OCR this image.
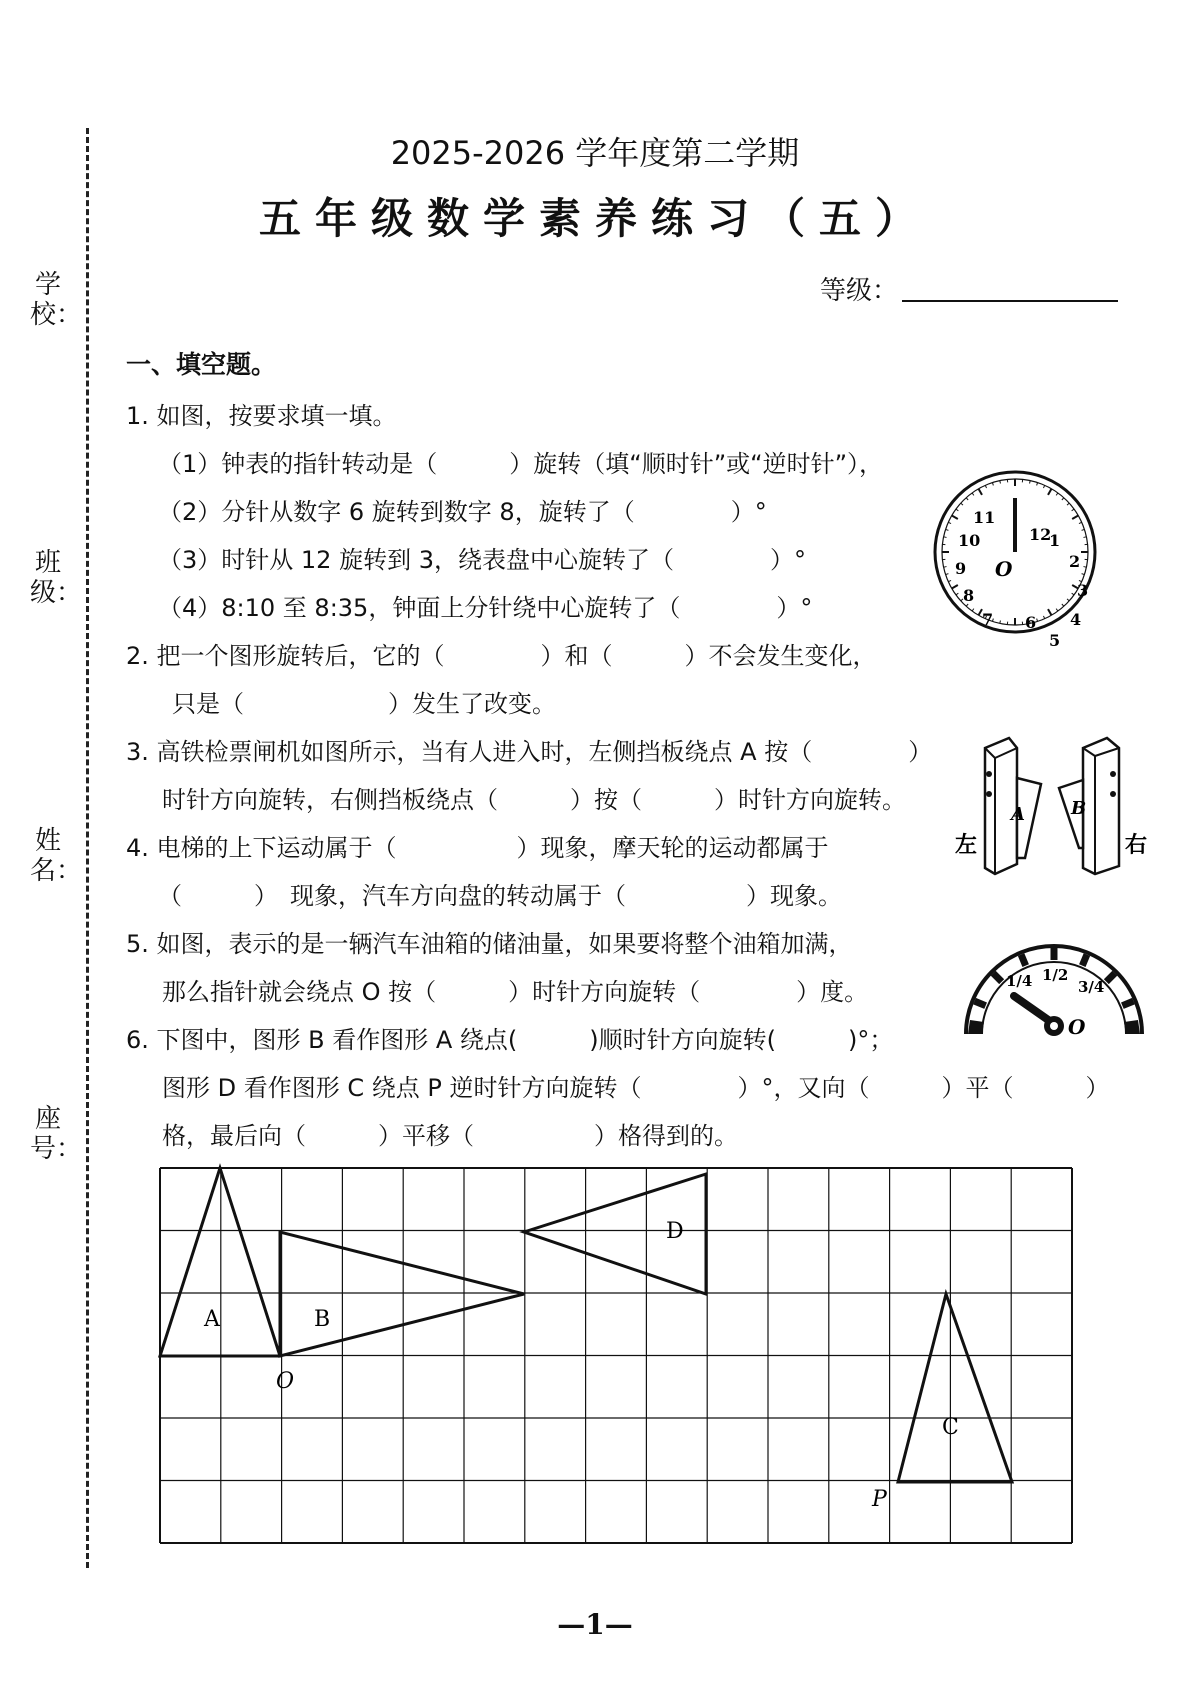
学校：
班级：
姓名：
座号：
2025-2026 学年度第二学期
五年级数学素养练习（五）
等级：
一、填空题。
1. 如图，按要求填一填。
（1）钟表的指针转动是（　　　）旋转（填“顺时针”或“逆时针”），
（2）分针从数字 6 旋转到数字 8，旋转了（　　　　）°
（3）时针从 12 旋转到 3，绕表盘中心旋转了（　　　　）°
（4）8:10 至 8:35，钟面上分针绕中心旋转了（　　　　）°
2. 把一个图形旋转后，它的（　　　　）和（　　　）不会发生变化，
只是（　　　　　　）发生了改变。
3. 高铁检票闸机如图所示，当有人进入时，左侧挡板绕点 A 按（　　　　）
时针方向旋转，右侧挡板绕点（　　　）按（　　　）时针方向旋转。
4. 电梯的上下运动属于（　　　　　）现象，摩天轮的运动都属于
（　　　）　现象，汽车方向盘的转动属于（　　　　　）现象。
5. 如图，表示的是一辆汽车油箱的储油量，如果要将整个油箱加满，
那么指针就会绕点 O 按（　　　）时针方向旋转（　　　　）度。
6. 下图中，图形 B 看作图形 A 绕点(　　　)顺时针方向旋转(　　　)°；
图形 D 看作图形 C 绕点 P 逆时针方向旋转（　　　　）°，又向（　　　）平（　　　）
格，最后向（　　　）平移（　　　　　）格得到的。
12
1
2
3
4
5
6
7
8
9
10
11
O
A	B
左	右
1/4 1/2
3/4
O
A	B
D
C
O
P
—1—
